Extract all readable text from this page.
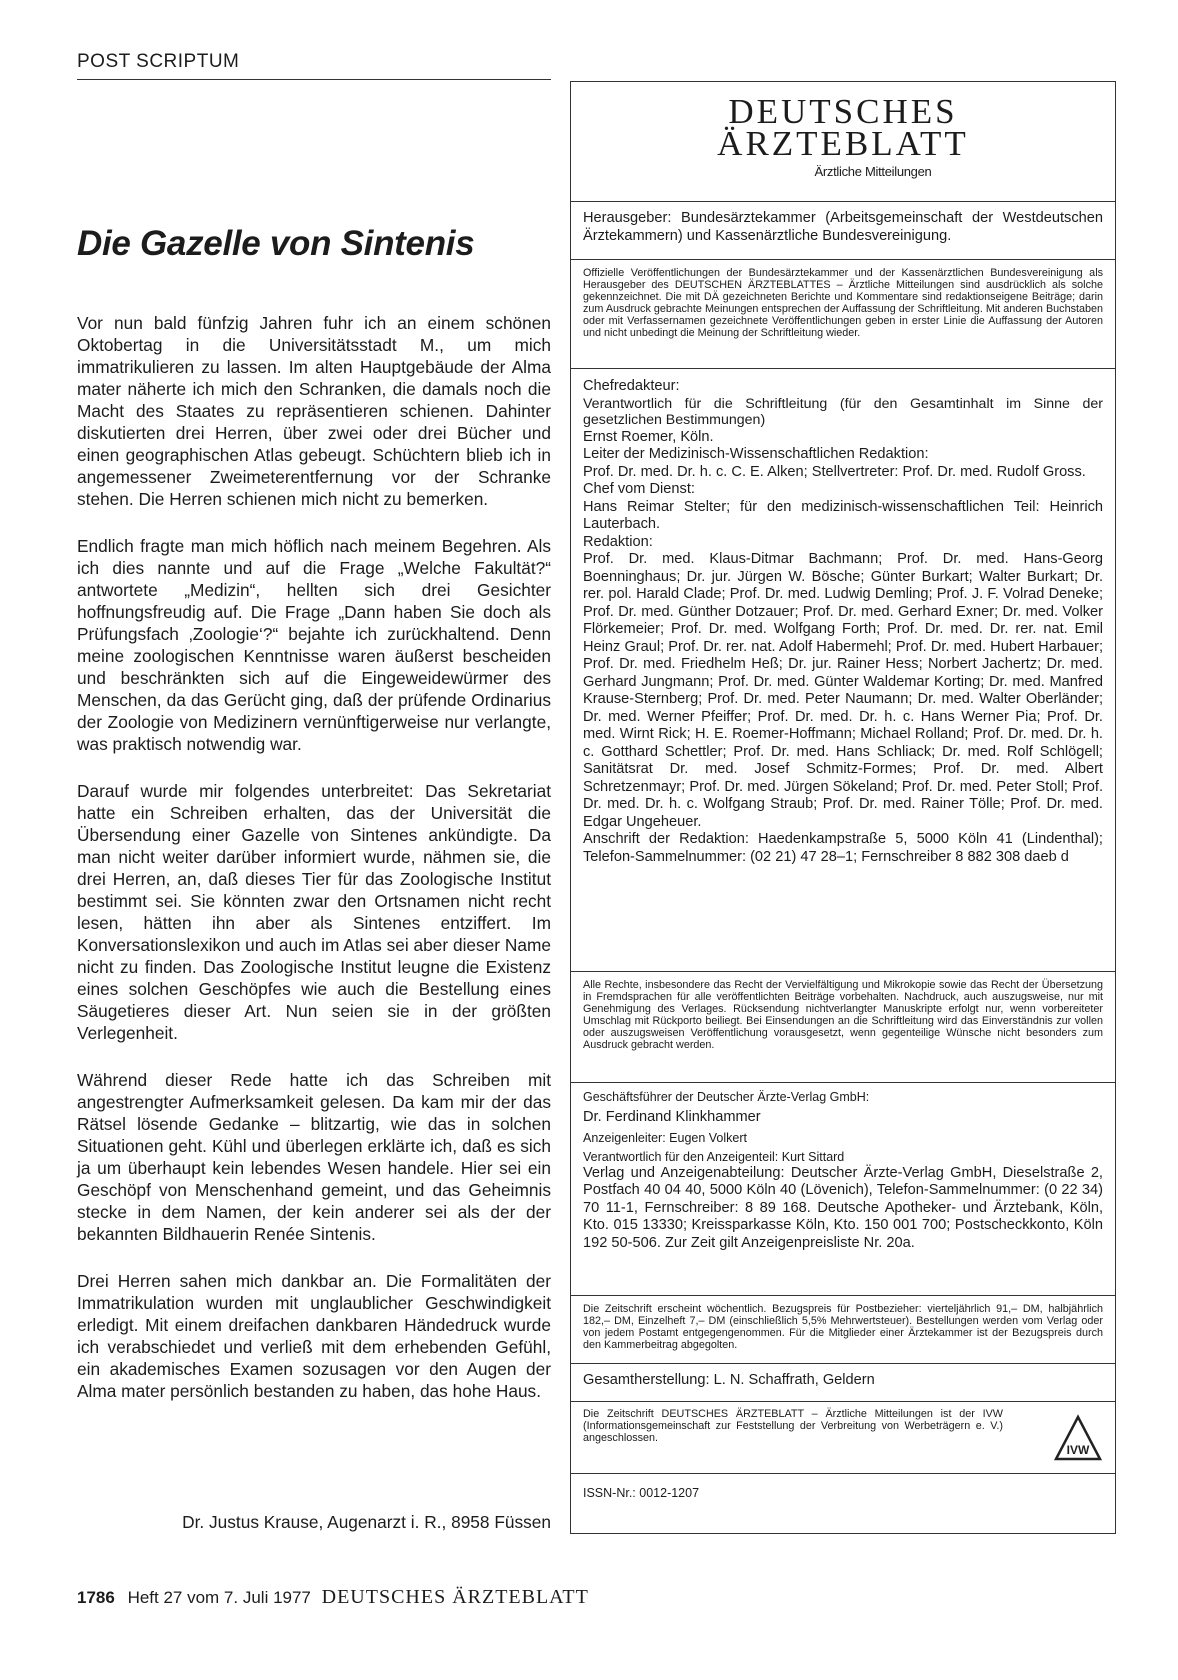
POST SCRIPTUM
Die Gazelle von Sintenis

Vor nun bald fünfzig Jahren fuhr ich an einem schönen Oktobertag in die Universitätsstadt M., um mich immatrikulieren zu lassen. Im alten Hauptgebäude der Alma mater näherte ich mich den Schranken, die damals noch die Macht des Staates zu repräsentieren schienen. Dahinter diskutierten drei Herren, über zwei oder drei Bücher und einen geographischen Atlas gebeugt. Schüchtern blieb ich in angemessener Zweimeterentfernung vor der Schranke stehen. Die Herren schienen mich nicht zu bemerken.

Endlich fragte man mich höflich nach meinem Begehren. Als ich dies nannte und auf die Frage „Welche Fakultät?“ antwortete „Medizin“, hellten sich drei Gesichter hoffnungsfreudig auf. Die Frage „Dann haben Sie doch als Prüfungsfach ‚Zoologie‘?“ bejahte ich zurückhaltend. Denn meine zoologischen Kenntnisse waren äußerst bescheiden und beschränkten sich auf die Eingeweidewürmer des Menschen, da das Gerücht ging, daß der prüfende Ordinarius der Zoologie von Medizinern vernünftigerweise nur verlangte, was praktisch notwendig war.

Darauf wurde mir folgendes unterbreitet: Das Sekretariat hatte ein Schreiben erhalten, das der Universität die Übersendung einer Gazelle von Sintenes ankündigte. Da man nicht weiter darüber informiert wurde, nähmen sie, die drei Herren, an, daß dieses Tier für das Zoologische Institut bestimmt sei. Sie könnten zwar den Ortsnamen nicht recht lesen, hätten ihn aber als Sintenes entziffert. Im Konversationslexikon und auch im Atlas sei aber dieser Name nicht zu finden. Das Zoologische Institut leugne die Existenz eines solchen Geschöpfes wie auch die Bestellung eines Säugetieres dieser Art. Nun seien sie in der größten Verlegenheit.

Während dieser Rede hatte ich das Schreiben mit angestrengter Aufmerksamkeit gelesen. Da kam mir der das Rätsel lösende Gedanke – blitzartig, wie das in solchen Situationen geht. Kühl und überlegen erklärte ich, daß es sich ja um überhaupt kein lebendes Wesen handele. Hier sei ein Geschöpf von Menschenhand gemeint, und das Geheimnis stecke in dem Namen, der kein anderer sei als der der bekannten Bildhauerin Renée Sintenis.

Drei Herren sahen mich dankbar an. Die Formalitäten der Immatrikulation wurden mit unglaublicher Geschwindigkeit erledigt. Mit einem dreifachen dankbaren Händedruck wurde ich verabschiedet und verließ mit dem erhebenden Gefühl, ein akademisches Examen sozusagen vor den Augen der Alma mater persönlich bestanden zu haben, das hohe Haus.

Dr. Justus Krause, Augenarzt i. R., 8958 Füssen
DEUTSCHES
ÄRZTEBLATT
Ärztliche Mitteilungen
Herausgeber: Bundesärztekammer (Arbeitsgemeinschaft der Westdeutschen Ärztekammern) und Kassenärztliche Bundesvereinigung.
Offizielle Veröffentlichungen der Bundesärztekammer und der Kassenärztlichen Bundesvereinigung als Herausgeber des DEUTSCHEN ÄRZTEBLATTES – Ärztliche Mitteilungen sind ausdrücklich als solche gekennzeichnet. Die mit DÄ gezeichneten Berichte und Kommentare sind redaktionseigene Beiträge; darin zum Ausdruck gebrachte Meinungen entsprechen der Auffassung der Schriftleitung. Mit anderen Buchstaben oder mit Verfassernamen gezeichnete Veröffentlichungen geben in erster Linie die Auffassung der Autoren und nicht unbedingt die Meinung der Schriftleitung wieder.
Chefredakteur:
Verantwortlich für die Schriftleitung (für den Gesamtinhalt im Sinne der gesetzlichen Bestimmungen)
Ernst Roemer, Köln.
Leiter der Medizinisch-Wissenschaftlichen Redaktion:
Prof. Dr. med. Dr. h. c. C. E. Alken; Stellvertreter: Prof. Dr. med. Rudolf Gross.
Chef vom Dienst:
Hans Reimar Stelter; für den medizinisch-wissenschaftlichen Teil: Heinrich Lauterbach.
Redaktion:
Prof. Dr. med. Klaus-Ditmar Bachmann; Prof. Dr. med. Hans-Georg Boenninghaus; Dr. jur. Jürgen W. Bösche; Günter Burkart; Walter Burkart; Dr. rer. pol. Harald Clade; Prof. Dr. med. Ludwig Demling; Prof. J. F. Volrad Deneke; Prof. Dr. med. Günther Dotzauer; Prof. Dr. med. Gerhard Exner; Dr. med. Volker Flörkemeier; Prof. Dr. med. Wolfgang Forth; Prof. Dr. med. Dr. rer. nat. Emil Heinz Graul; Prof. Dr. rer. nat. Adolf Habermehl; Prof. Dr. med. Hubert Harbauer; Prof. Dr. med. Friedhelm Heß; Dr. jur. Rainer Hess; Norbert Jachertz; Dr. med. Gerhard Jungmann; Prof. Dr. med. Günter Waldemar Korting; Dr. med. Manfred Krause-Sternberg; Prof. Dr. med. Peter Naumann; Dr. med. Walter Oberländer; Dr. med. Werner Pfeiffer; Prof. Dr. med. Dr. h. c. Hans Werner Pia; Prof. Dr. med. Wirnt Rick; H. E. Roemer-Hoffmann; Michael Rolland; Prof. Dr. med. Dr. h. c. Gotthard Schettler; Prof. Dr. med. Hans Schliack; Dr. med. Rolf Schlögell; Sanitätsrat Dr. med. Josef Schmitz-Formes; Prof. Dr. med. Albert Schretzenmayr; Prof. Dr. med. Jürgen Sökeland; Prof. Dr. med. Peter Stoll; Prof. Dr. med. Dr. h. c. Wolfgang Straub; Prof. Dr. med. Rainer Tölle; Prof. Dr. med. Edgar Ungeheuer.
Anschrift der Redaktion: Haedenkampstraße 5, 5000 Köln 41 (Lindenthal); Telefon-Sammelnummer: (02 21) 47 28–1; Fernschreiber 8 882 308 daeb d
Alle Rechte, insbesondere das Recht der Vervielfältigung und Mikrokopie sowie das Recht der Übersetzung in Fremdsprachen für alle veröffentlichten Beiträge vorbehalten. Nachdruck, auch auszugsweise, nur mit Genehmigung des Verlages. Rücksendung nichtverlangter Manuskripte erfolgt nur, wenn vorbereiteter Umschlag mit Rückporto beiliegt. Bei Einsendungen an die Schriftleitung wird das Einverständnis zur vollen oder auszugsweisen Veröffentlichung vorausgesetzt, wenn gegenteilige Wünsche nicht besonders zum Ausdruck gebracht werden.
Geschäftsführer der Deutscher Ärzte-Verlag GmbH:
Dr. Ferdinand Klinkhammer
Anzeigenleiter: Eugen Volkert
Verantwortlich für den Anzeigenteil: Kurt Sittard
Verlag und Anzeigenabteilung: Deutscher Ärzte-Verlag GmbH, Dieselstraße 2, Postfach 40 04 40, 5000 Köln 40 (Lövenich), Telefon-Sammelnummer: (0 22 34) 70 11-1, Fernschreiber: 8 89 168. Deutsche Apotheker- und Ärztebank, Köln, Kto. 015 13330; Kreissparkasse Köln, Kto. 150 001 700; Postscheckkonto, Köln 192 50-506. Zur Zeit gilt Anzeigenpreisliste Nr. 20a.
Die Zeitschrift erscheint wöchentlich. Bezugspreis für Postbezieher: vierteljährlich 91,– DM, halbjährlich 182,– DM, Einzelheft 7,– DM (einschließlich 5,5% Mehrwertsteuer). Bestellungen werden vom Verlag oder von jedem Postamt entgegengenommen. Für die Mitglieder einer Ärztekammer ist der Bezugspreis durch den Kammerbeitrag abgegolten.
Gesamtherstellung: L. N. Schaffrath, Geldern
Die Zeitschrift DEUTSCHES ÄRZTEBLATT – Ärztliche Mitteilungen ist der IVW (Informationsgemeinschaft zur Feststellung der Verbreitung von Werbeträgern e. V.) angeschlossen.
IVW
ISSN-Nr.: 0012-1207
1786 Heft 27 vom 7. Juli 1977 DEUTSCHES ÄRZTEBLATT
